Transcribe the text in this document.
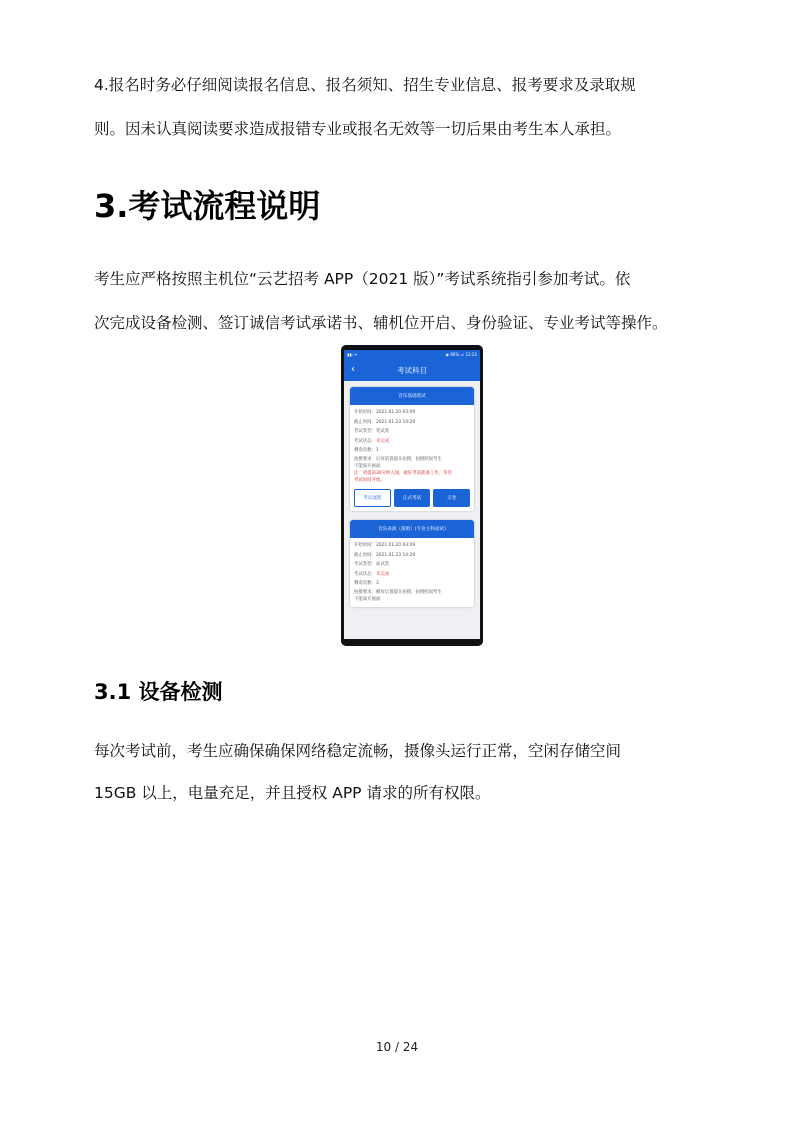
4.报名时务必仔细阅读报名信息、报名须知、招生专业信息、报考要求及录取规

则。因未认真阅读要求造成报错专业或报名无效等一切后果由考生本人承担。

3.考试流程说明

考生应严格按照主机位“云艺招考 APP（2021 版）”考试系统指引参加考试。依

次完成设备检测、签订诚信考试承诺书、辅机位开启、身份验证、专业考试等操作。

▮▮ᵢₗ ᯤ	◉ 96% ▭ 12:22
‹	考试科目
音乐基础笔试
开始时间：2021.01.20 03:09
截止时间：2021.01.23 14:29
考试类型：笔试类
考试状态：未完成
剩余次数：1
拍摄要求：后屏前置镜头拍摄，拍摄照间考生
不能离开画面
注：请提前30分钟入场，做好考前准备工作，等待
考试时间开始。
考试流程	正式考试	交卷
音乐表演（演唱）(专业主科面试)
开始时间：2021.01.20 03:09
截止时间：2021.01.23 14:29
考试类型：面试类
考试状态：未完成
剩余次数：3
拍摄要求：横屏后置镜头拍摄，拍摄照间考生
不能离开画面
3.1 设备检测

每次考试前，考生应确保确保网络稳定流畅，摄像头运行正常，空闲存储空间

15GB 以上，电量充足，并且授权 APP 请求的所有权限。

10 / 24
